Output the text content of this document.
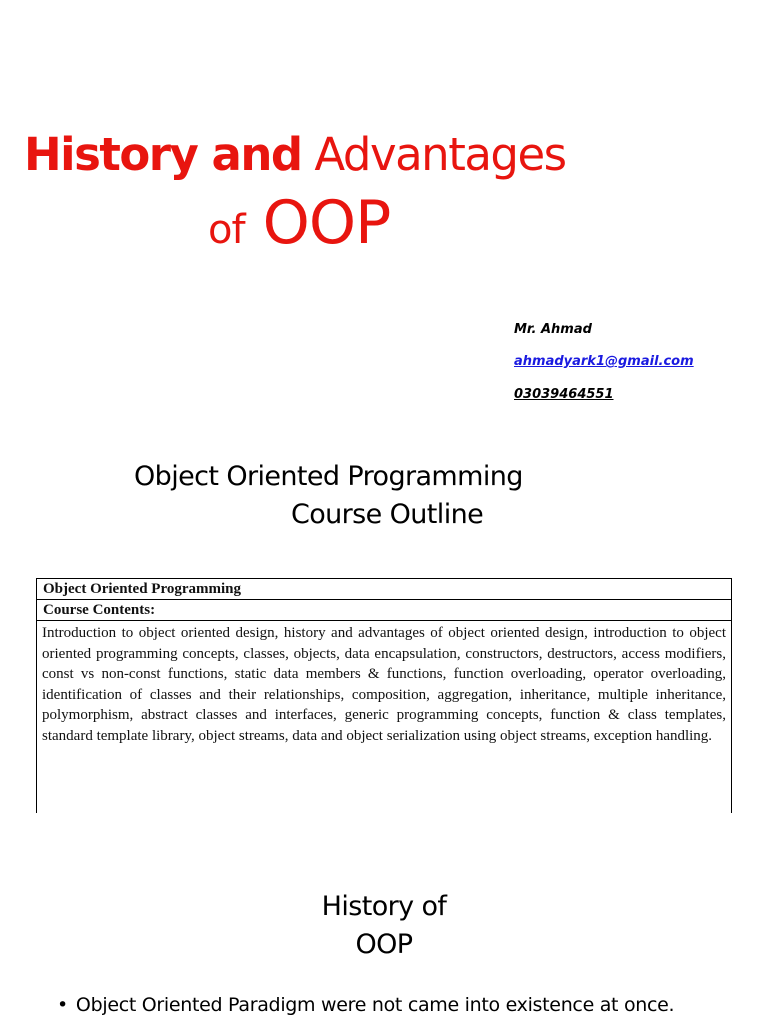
History and Advantages
of OOP
Mr. Ahmad
ahmadyark1@gmail.com
03039464551
Object Oriented Programming
Course Outline
Object Oriented Programming
Course Contents:
Introduction to object oriented design, history and advantages of object oriented design, introduction to object oriented programming concepts, classes, objects, data encapsulation, constructors, destructors, access modifiers, const vs non-const functions, static data members & functions, function overloading, operator overloading, identification of classes and their relationships, composition, aggregation, inheritance, multiple inheritance, polymorphism, abstract classes and interfaces, generic programming concepts, function & class templates, standard template library, object streams, data and object serialization using object streams, exception handling.
History of
OOP
• Object Oriented Paradigm were not came into existence at once.
